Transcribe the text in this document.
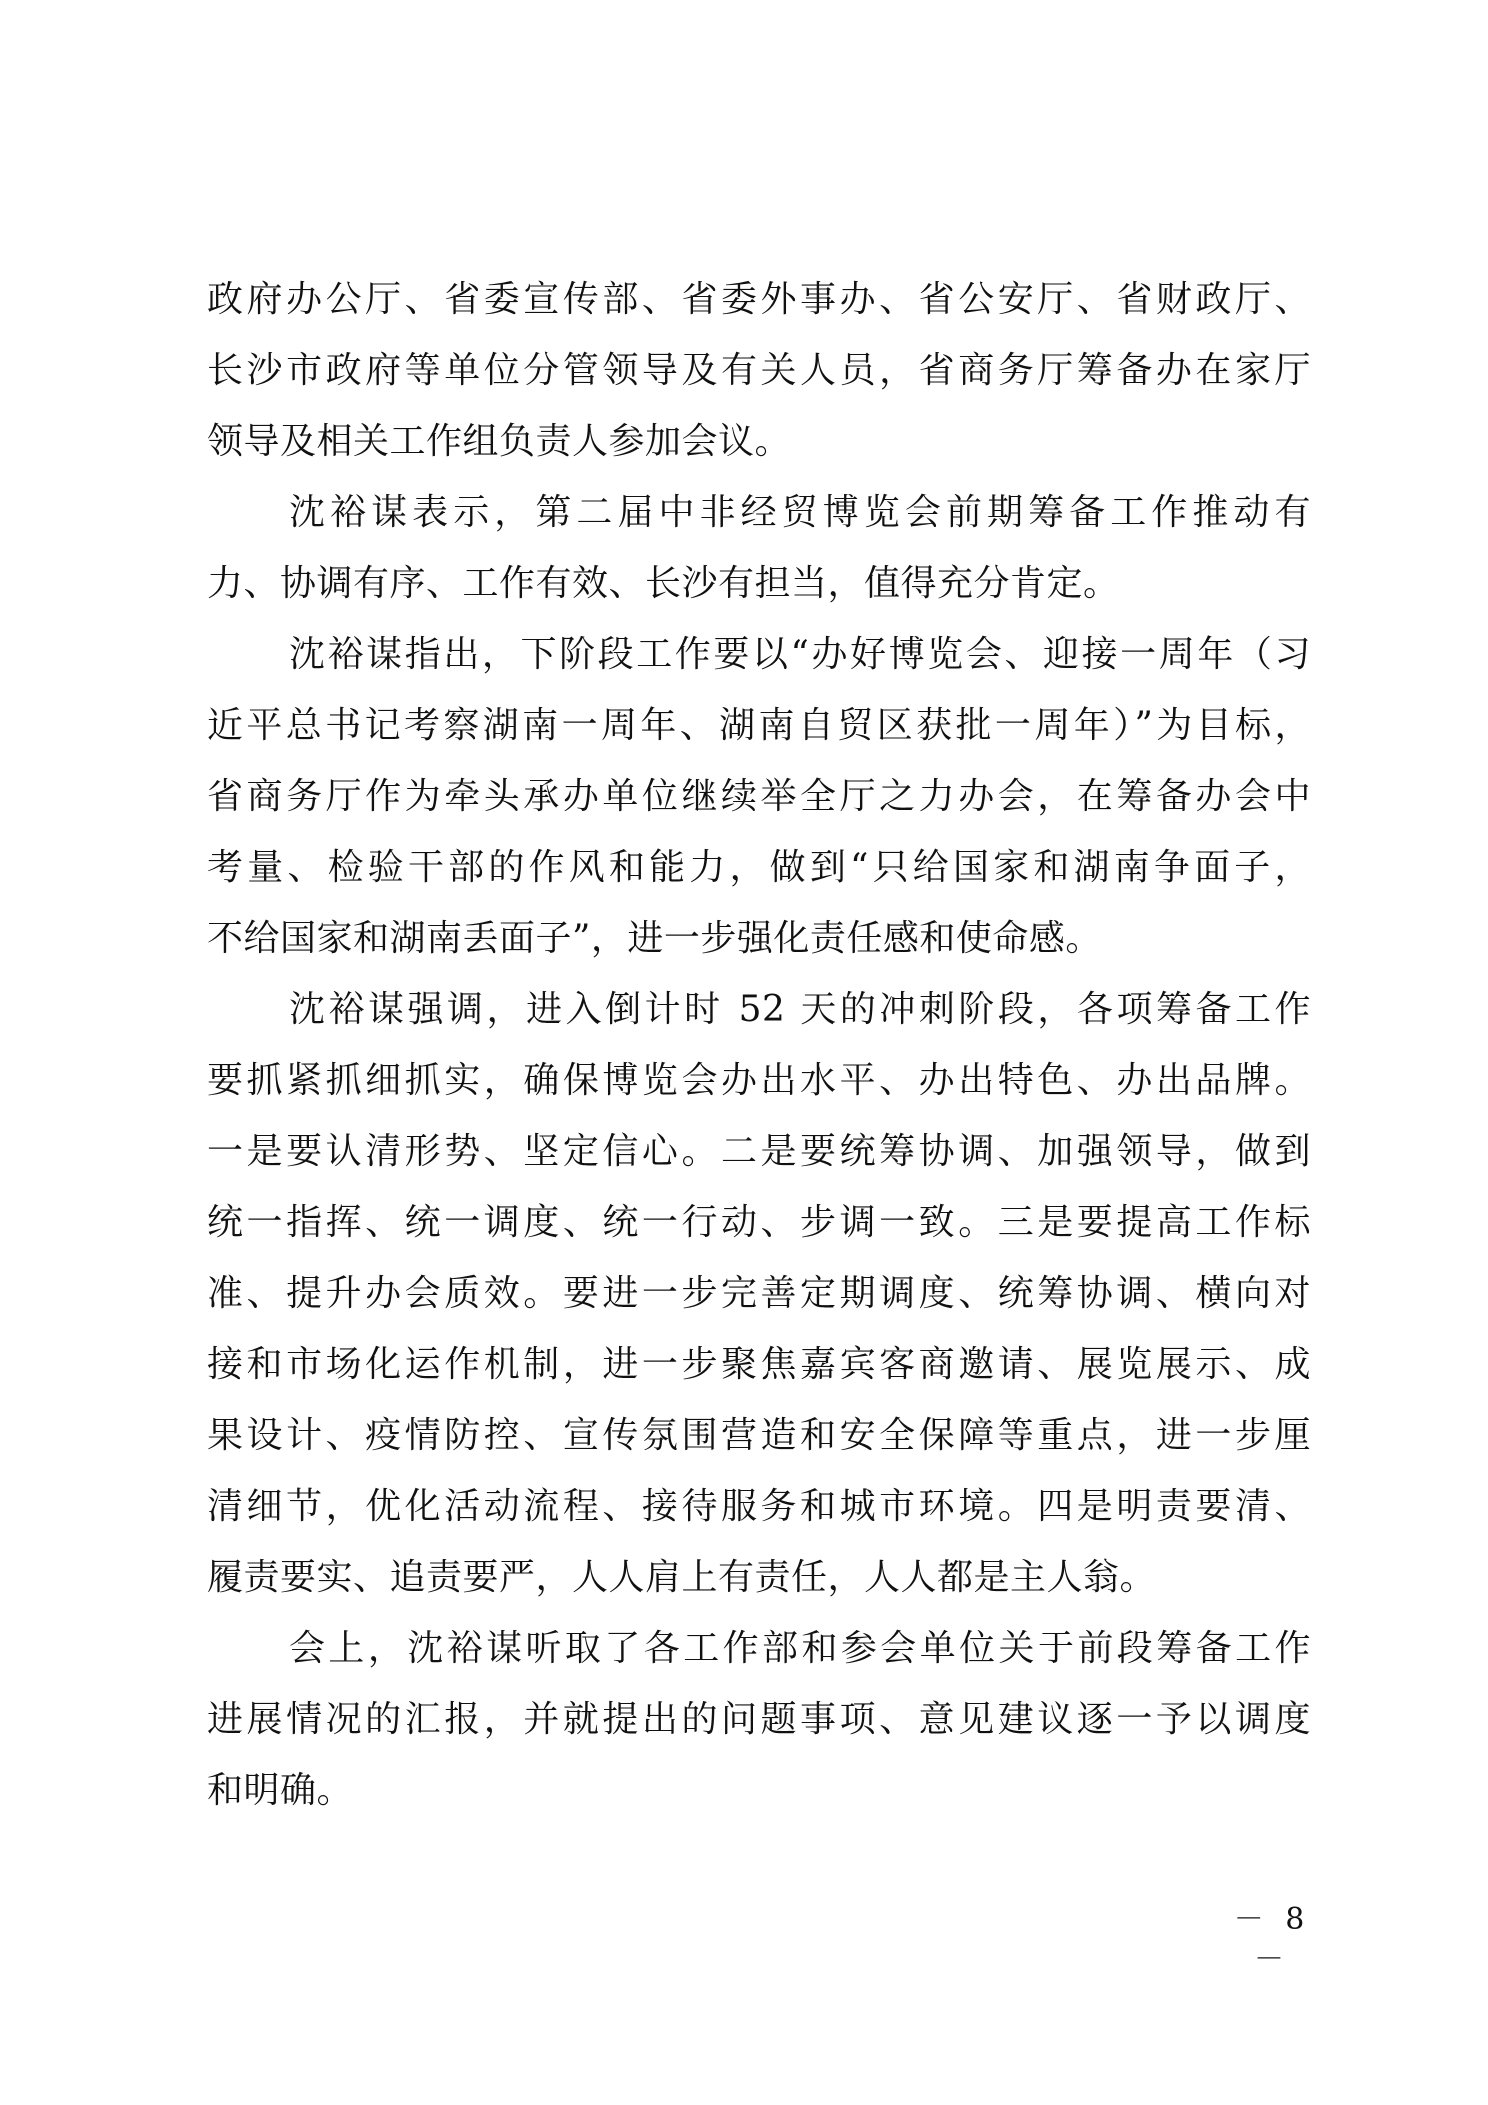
政府办公厅、省委宣传部、省委外事办、省公安厅、省财政厅、
长沙市政府等单位分管领导及有关人员，省商务厅筹备办在家厅
领导及相关工作组负责人参加会议。
沈裕谋表示，第二届中非经贸博览会前期筹备工作推动有
力、协调有序、工作有效、长沙有担当，值得充分肯定。
沈裕谋指出，下阶段工作要以“办好博览会、迎接一周年（习
近平总书记考察湖南一周年、湖南自贸区获批一周年）”为目标，
省商务厅作为牵头承办单位继续举全厅之力办会，在筹备办会中
考量、检验干部的作风和能力，做到“只给国家和湖南争面子，
不给国家和湖南丢面子”，进一步强化责任感和使命感。
沈裕谋强调，进入倒计时 52 天的冲刺阶段，各项筹备工作
要抓紧抓细抓实，确保博览会办出水平、办出特色、办出品牌。
一是要认清形势、坚定信心。二是要统筹协调、加强领导，做到
统一指挥、统一调度、统一行动、步调一致。三是要提高工作标
准、提升办会质效。要进一步完善定期调度、统筹协调、横向对
接和市场化运作机制，进一步聚焦嘉宾客商邀请、展览展示、成
果设计、疫情防控、宣传氛围营造和安全保障等重点，进一步厘
清细节，优化活动流程、接待服务和城市环境。四是明责要清、
履责要实、追责要严，人人肩上有责任，人人都是主人翁。
会上，沈裕谋听取了各工作部和参会单位关于前段筹备工作
进展情况的汇报，并就提出的问题事项、意见建议逐一予以调度
和明确。
－ 8 －
